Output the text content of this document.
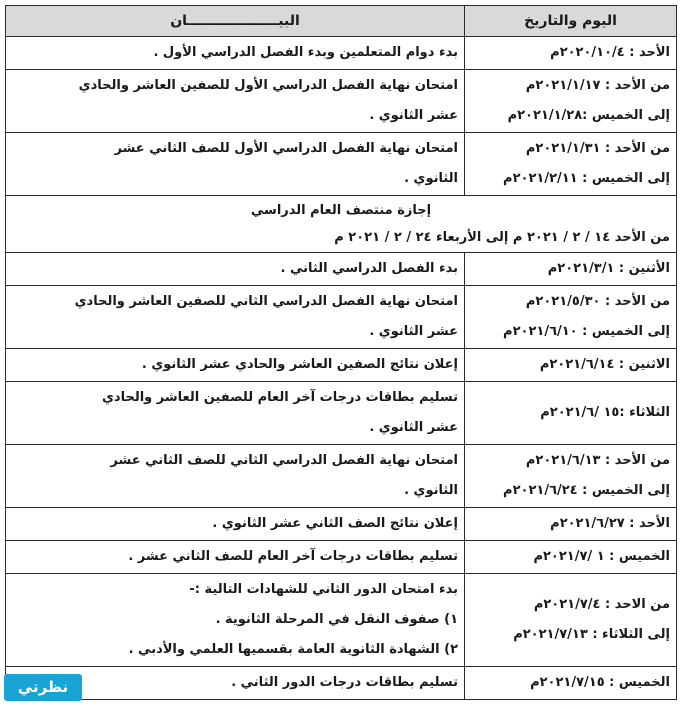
اليوم والتاريخ	البيـــــــــــــــــــان

الأحد : ٢٠٢٠/١٠/٤م	بدء دوام المتعلمين وبدء الفصل الدراسي الأول .

من الأحد : ٢٠٢١/١/١٧م
إلى الخميس :٢٠٢١/١/٢٨م	امتحان نهاية الفصل الدراسي الأول للصفين العاشر والحادي
عشر الثانوي .

من الأحد : ٢٠٢١/١/٣١م
إلى الخميس : ٢٠٢١/٢/١١م	امتحان نهاية الفصل الدراسي الأول للصف الثاني عشر
الثانوي .

إجازة منتصف العام الدراسي
من الأحد ١٤ / ٢ / ٢٠٢١ م إلى الأربعاء ٢٤ / ٢ / ٢٠٢١ م	

الأثنين : ٢٠٢١/٣/١م	بدء الفصل الدراسي الثاني .

من الأحد : ٢٠٢١/٥/٣٠م
إلى الخميس : ٢٠٢١/٦/١٠م	امتحان نهاية الفصل الدراسي الثاني للصفين العاشر والحادي
عشر الثانوي .

الاثنين : ٢٠٢١/٦/١٤م	إعلان نتائج الصفين العاشر والحادي عشر الثانوي .

الثلاثاء :١٥ /٢٠٢١/٦م	تسليم بطاقات درجات آخر العام للصفين العاشر والحادي
عشر الثانوي .

من الأحد : ٢٠٢١/٦/١٣م
إلى الخميس : ٢٠٢١/٦/٢٤م	امتحان نهاية الفصل الدراسي الثاني للصف الثاني عشر
الثانوي .

الأحد : ٢٠٢١/٦/٢٧م	إعلان نتائج الصف الثاني عشر الثانوي .

الخميس : ١ /٢٠٢١/٧م	تسليم بطاقات درجات آخر العام للصف الثاني عشر .

من الاحد : ٢٠٢١/٧/٤م
إلى الثلاثاء : ٢٠٢١/٧/١٣م	بدء امتحان الدور الثاني للشهادات التالية :-
١) صفوف النقل في المرحلة الثانوية .
٢) الشهادة الثانوية العامة بقسميها العلمي والأدبي .

الخميس : ٢٠٢١/٧/١٥م	تسليم بطاقات درجات الدور الثاني .
نظرتي
